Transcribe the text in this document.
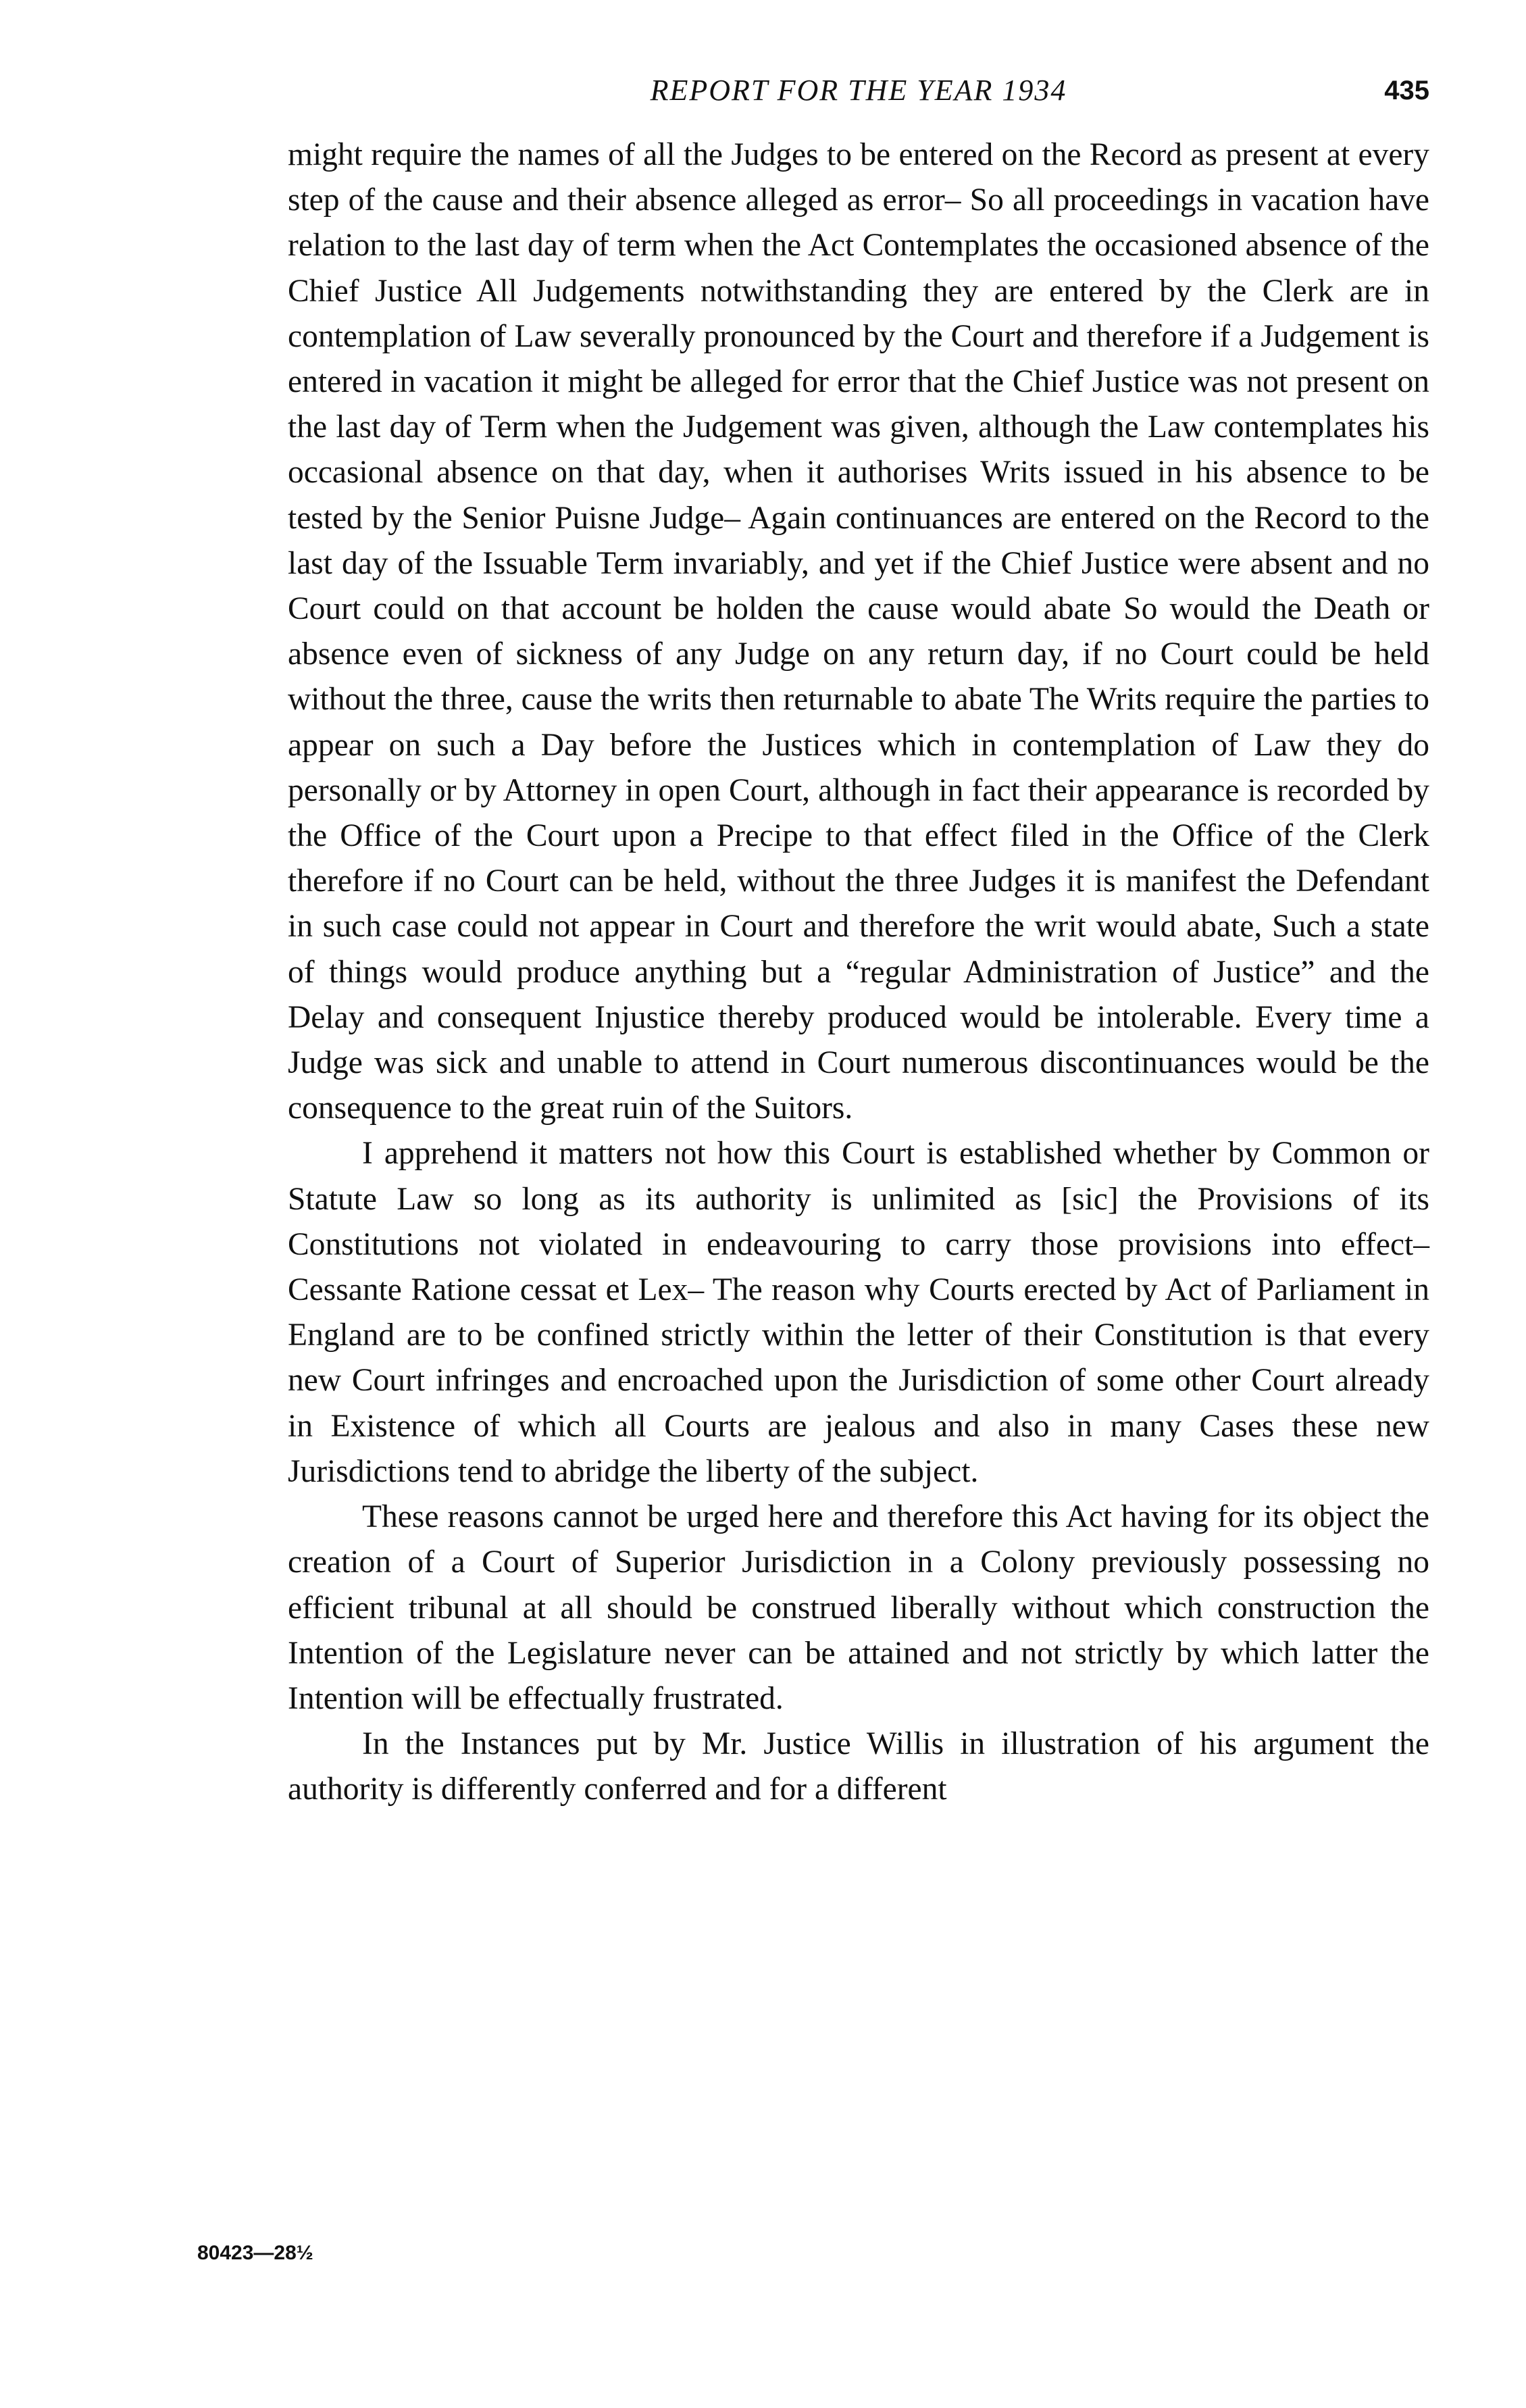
REPORT FOR THE YEAR 1934	435

might require the names of all the Judges to be entered on the Record as present at every step of the cause and their absence alleged as error– So all proceedings in vacation have relation to the last day of term when the Act Contemplates the occasioned absence of the Chief Justice All Judgements notwithstanding they are entered by the Clerk are in contemplation of Law severally pronounced by the Court and therefore if a Judgement is entered in vacation it might be alleged for error that the Chief Justice was not present on the last day of Term when the Judgement was given, although the Law contemplates his occasional absence on that day, when it authorises Writs issued in his absence to be tested by the Senior Puisne Judge– Again continuances are entered on the Record to the last day of the Issuable Term invariably, and yet if the Chief Justice were absent and no Court could on that account be holden the cause would abate So would the Death or absence even of sickness of any Judge on any return day, if no Court could be held without the three, cause the writs then returnable to abate The Writs require the parties to appear on such a Day before the Justices which in contemplation of Law they do personally or by Attorney in open Court, although in fact their appearance is recorded by the Office of the Court upon a Precipe to that effect filed in the Office of the Clerk therefore if no Court can be held, without the three Judges it is manifest the Defendant in such case could not appear in Court and therefore the writ would abate, Such a state of things would produce anything but a “regular Administration of Justice” and the Delay and consequent Injustice thereby produced would be intolerable. Every time a Judge was sick and unable to attend in Court numerous discontinuances would be the consequence to the great ruin of the Suitors.

I apprehend it matters not how this Court is established whether by Common or Statute Law so long as its authority is unlimited as [sic] the Provisions of its Constitutions not violated in endeavouring to carry those provisions into effect– Cessante Ratione cessat et Lex– The reason why Courts erected by Act of Parliament in England are to be confined strictly within the letter of their Constitution is that every new Court infringes and encroached upon the Jurisdiction of some other Court already in Existence of which all Courts are jealous and also in many Cases these new Jurisdictions tend to abridge the liberty of the subject.

These reasons cannot be urged here and therefore this Act having for its object the creation of a Court of Superior Jurisdiction in a Colony previously possessing no efficient tribunal at all should be construed liberally without which construction the Intention of the Legislature never can be attained and not strictly by which latter the Intention will be effectually frustrated.

In the Instances put by Mr. Justice Willis in illustration of his argument the authority is differently conferred and for a different

80423—28½
